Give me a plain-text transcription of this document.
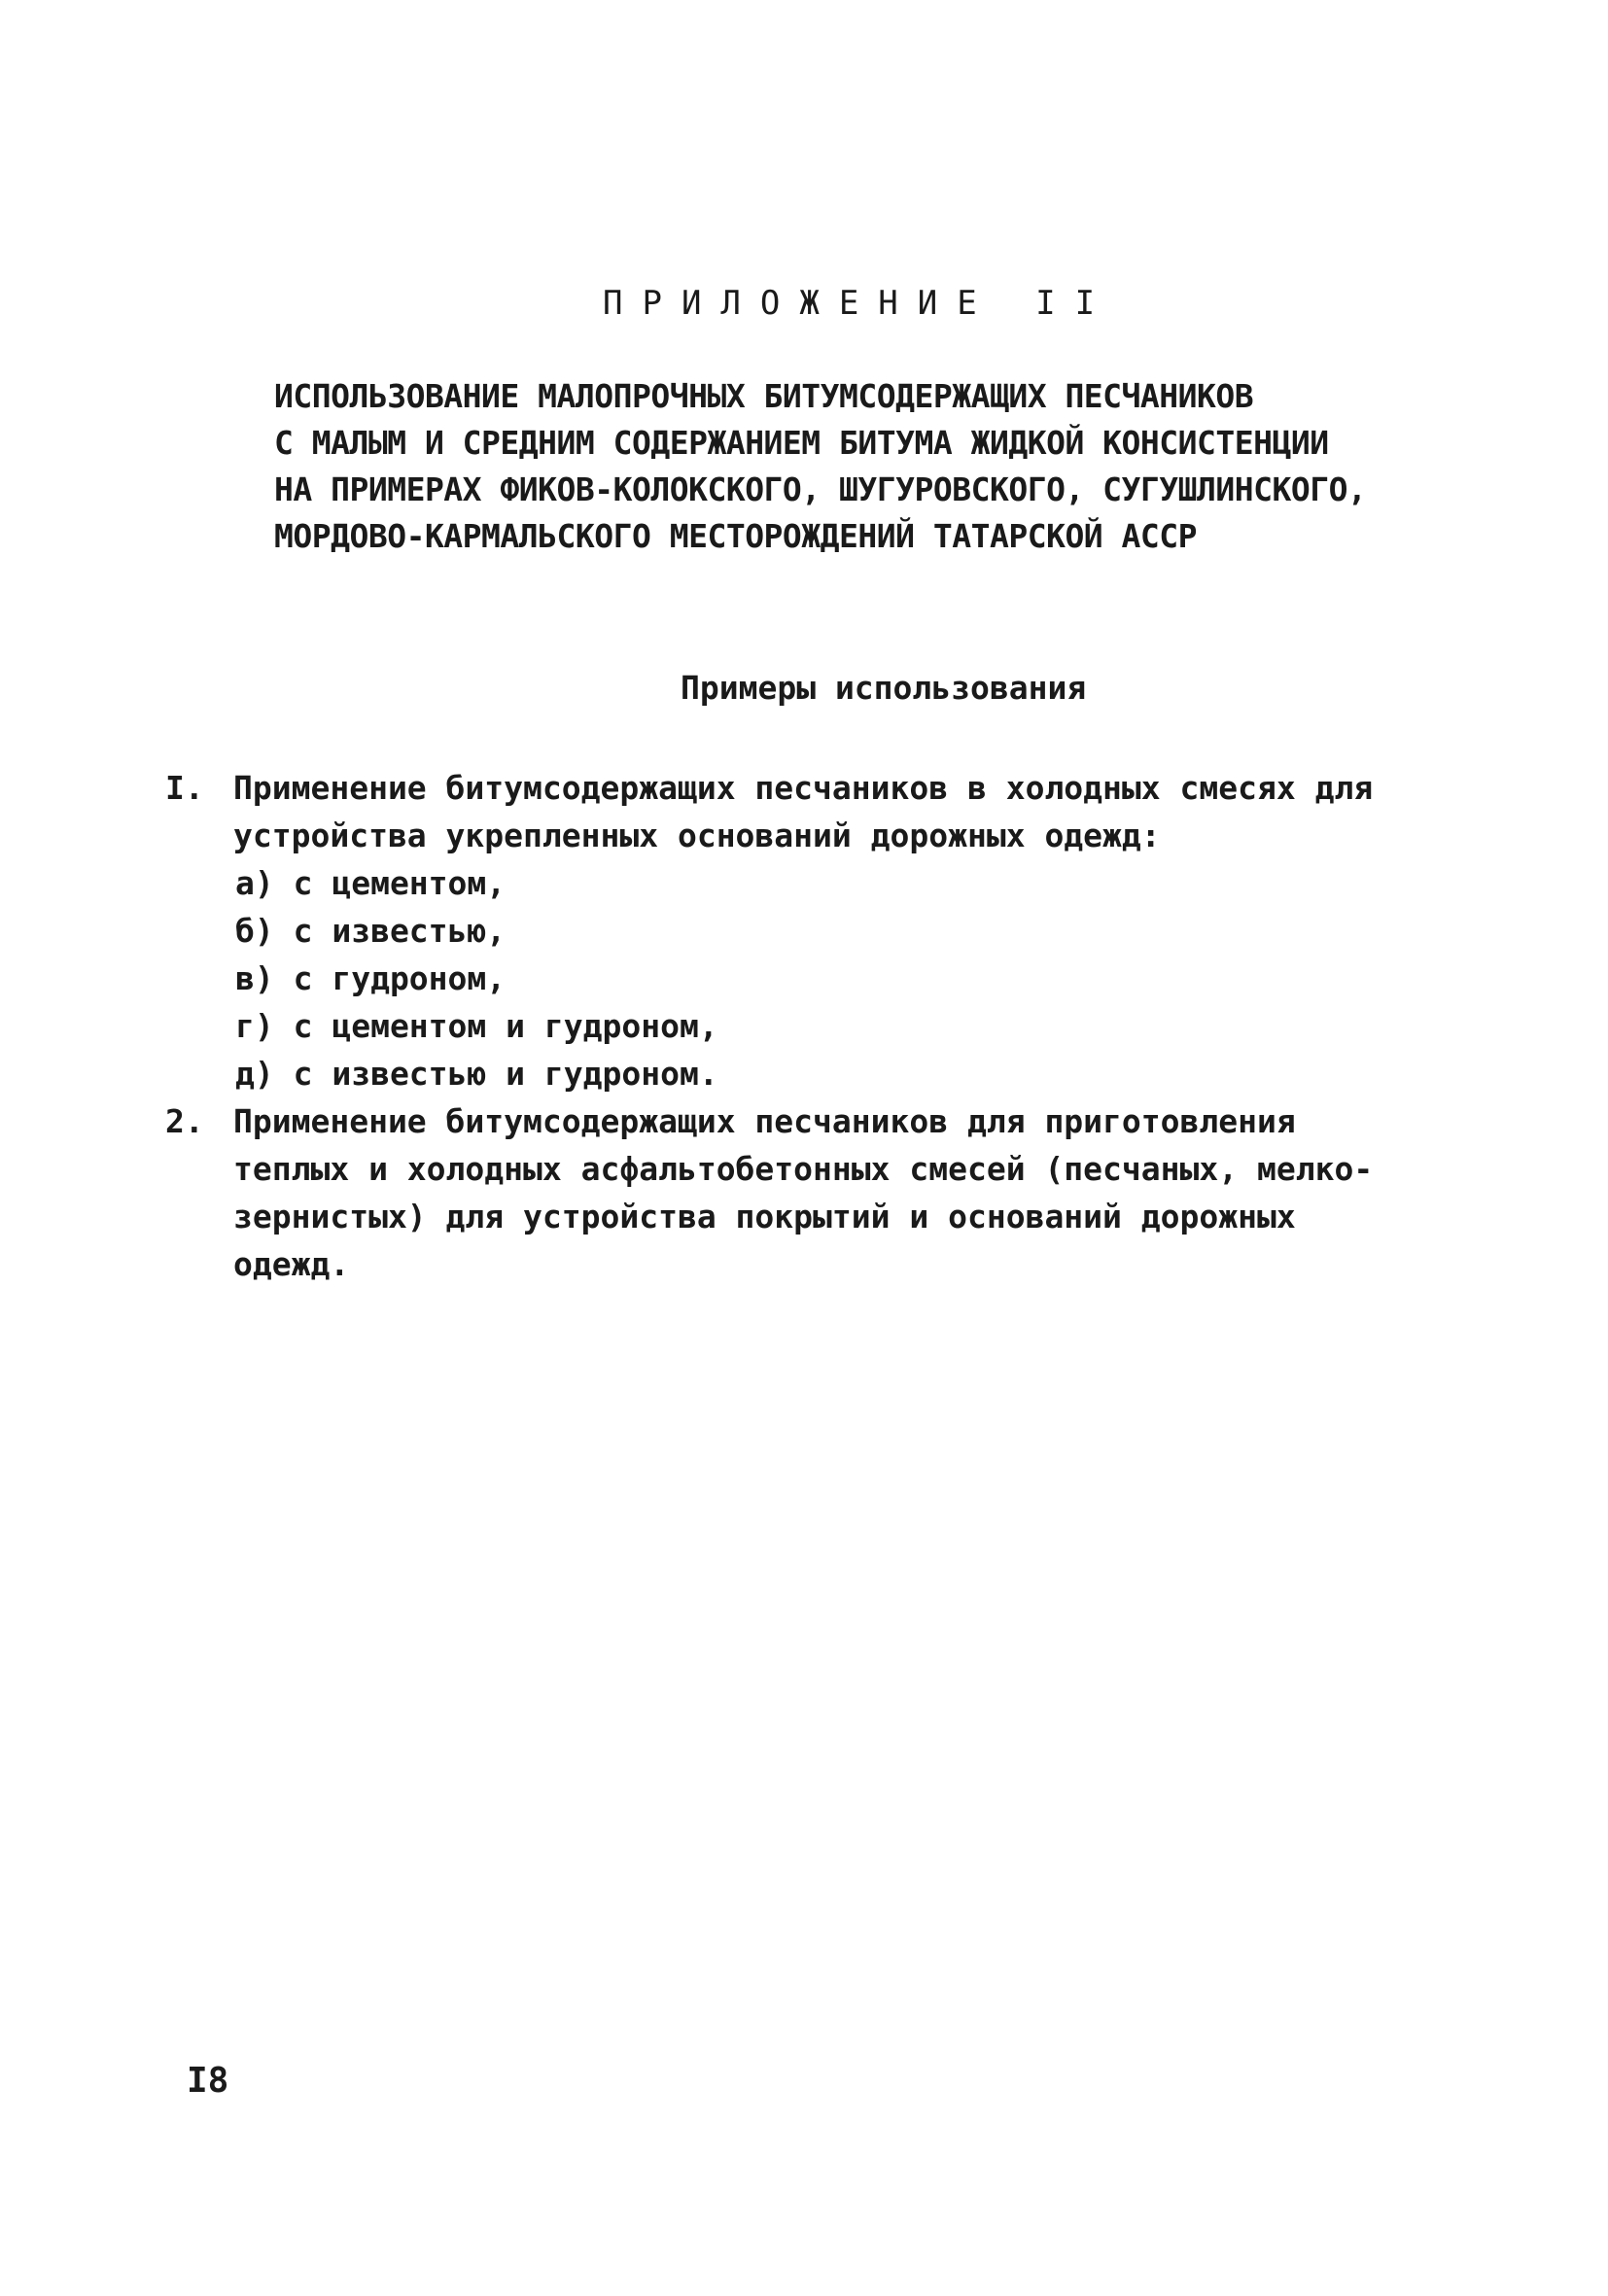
ПРИЛОЖЕНИЕ II
ИСПОЛЬЗОВАНИЕ МАЛОПРОЧНЫХ БИТУМСОДЕРЖАЩИХ ПЕСЧАНИКОВ
С МАЛЫМ И СРЕДНИМ СОДЕРЖАНИЕМ БИТУМА ЖИДКОЙ КОНСИСТЕНЦИИ
НА ПРИМЕРАХ ФИКОВ-КОЛОКСКОГО, ШУГУРОВСКОГО, СУГУШЛИНСКОГО,
МОРДОВО-КАРМАЛЬСКОГО МЕСТОРОЖДЕНИЙ ТАТАРСКОЙ АССР
Примеры использования
I. Применение битумсодержащих песчаников в холодных смесях для
устройства укрепленных оснований дорожных одежд:
а) с цементом,
б) с известью,
в) с гудроном,
г) с цементом и гудроном,
д) с известью и гудроном.
2. Применение битумсодержащих песчаников для приготовления
теплых и холодных асфальтобетонных смесей (песчаных, мелко-
зернистых) для устройства покрытий и оснований дорожных
одежд.
I8
